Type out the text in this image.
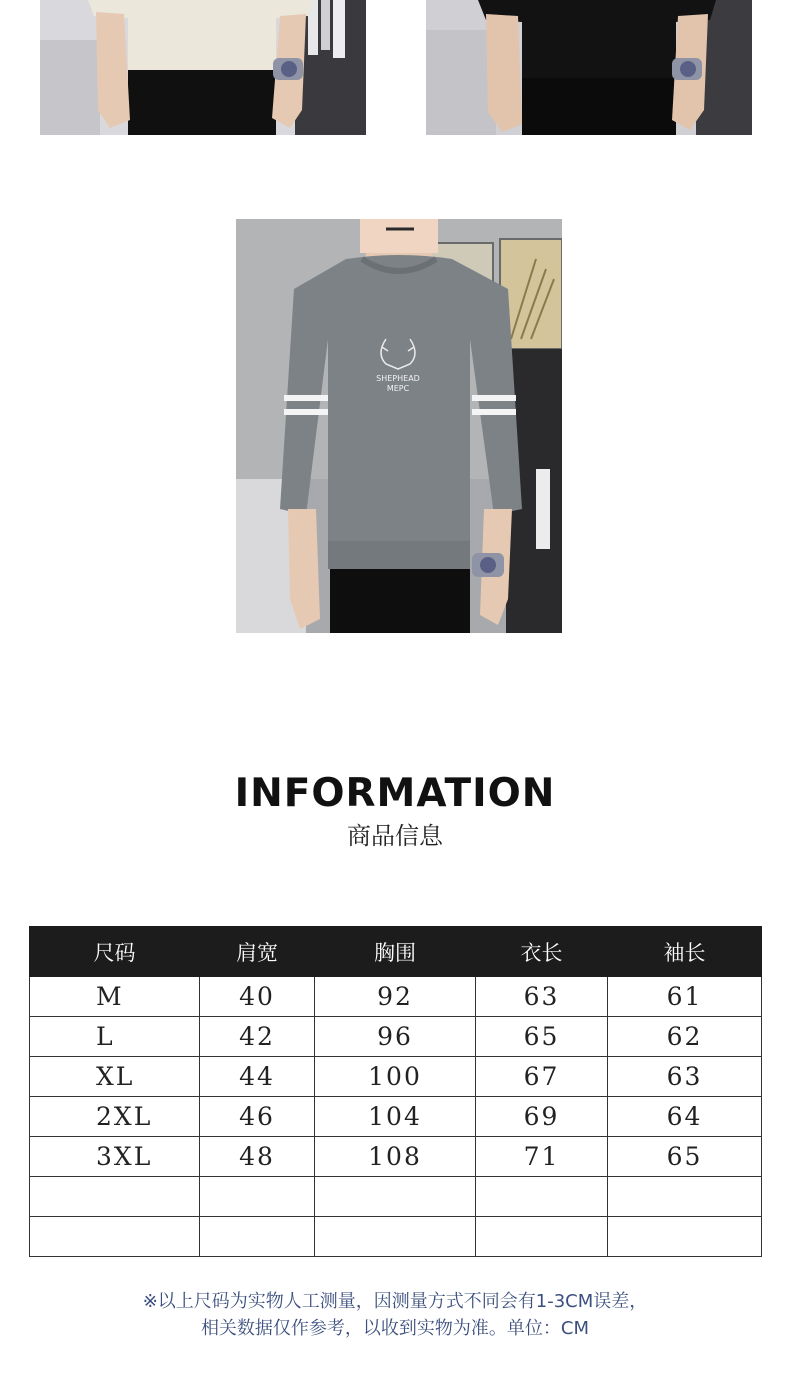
SHEPHEAD
MEPC
INFORMATION
商品信息
尺码	肩宽	胸围	衣长	袖长
M	40	92	63	61
L	42	96	65	62
XL	44	100	67	63
2XL	46	104	69	64
3XL	48	108	71	65

※以上尺码为实物人工测量，因测量方式不同会有1-3CM误差，
相关数据仅作参考，以收到实物为准。单位：CM
